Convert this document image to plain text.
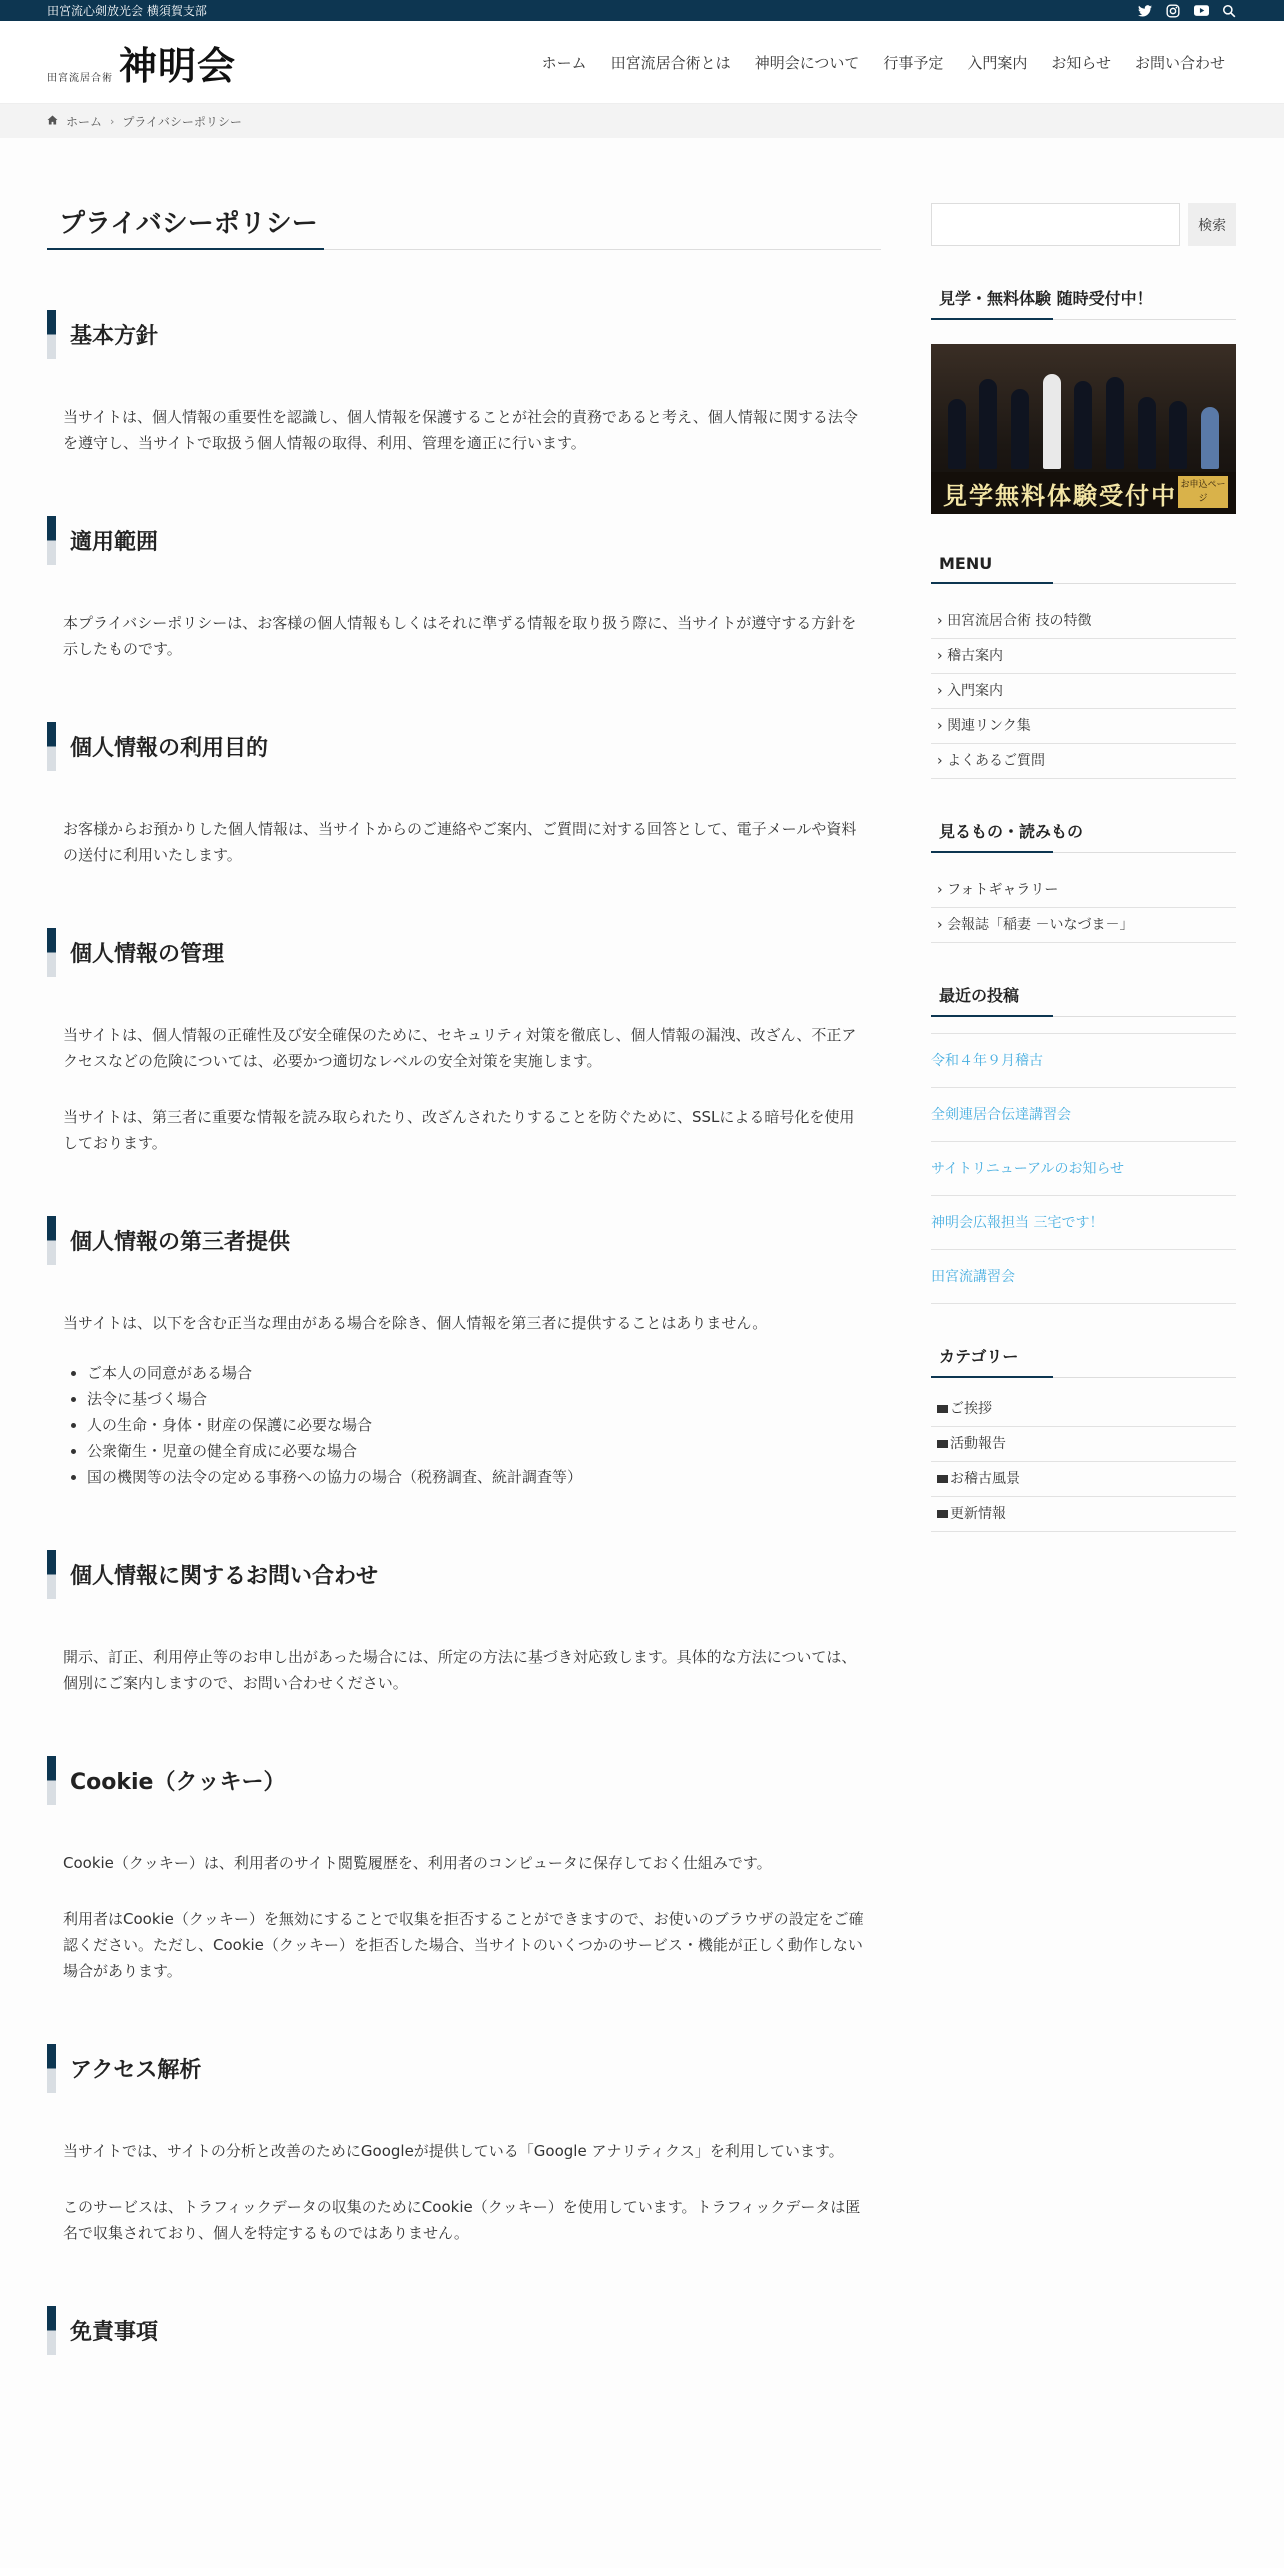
田宮流心剣放光会 横須賀支部
田宮流居合術 神明会	ホーム	田宮流居合術とは	神明会について	行事予定	入門案内	お知らせ	お問い合わせ
ホーム › プライバシーポリシー
プライバシーポリシー
基本方針

当サイトは、個人情報の重要性を認識し、個人情報を保護することが社会的責務であると考え、個人情報に関する法令を遵守し、当サイトで取扱う個人情報の取得、利用、管理を適正に行います。

適用範囲

本プライバシーポリシーは、お客様の個人情報もしくはそれに準ずる情報を取り扱う際に、当サイトが遵守する方針を示したものです。

個人情報の利用目的

お客様からお預かりした個人情報は、当サイトからのご連絡やご案内、ご質問に対する回答として、電子メールや資料の送付に利用いたします。

個人情報の管理

当サイトは、個人情報の正確性及び安全確保のために、セキュリティ対策を徹底し、個人情報の漏洩、改ざん、不正アクセスなどの危険については、必要かつ適切なレベルの安全対策を実施します。

当サイトは、第三者に重要な情報を読み取られたり、改ざんされたりすることを防ぐために、SSLによる暗号化を使用しております。

個人情報の第三者提供

当サイトは、以下を含む正当な理由がある場合を除き、個人情報を第三者に提供することはありません。

• ご本人の同意がある場合
• 法令に基づく場合
• 人の生命・身体・財産の保護に必要な場合
• 公衆衛生・児童の健全育成に必要な場合
• 国の機関等の法令の定める事務への協力の場合（税務調査、統計調査等）
個人情報に関するお問い合わせ

開示、訂正、利用停止等のお申し出があった場合には、所定の方法に基づき対応致します。具体的な方法については、個別にご案内しますので、お問い合わせください。

Cookie（クッキー）

Cookie（クッキー）は、利用者のサイト閲覧履歴を、利用者のコンピュータに保存しておく仕組みです。

利用者はCookie（クッキー）を無効にすることで収集を拒否することができますので、お使いのブラウザの設定をご確認ください。ただし、Cookie（クッキー）を拒否した場合、当サイトのいくつかのサービス・機能が正しく動作しない場合があります。

アクセス解析

当サイトでは、サイトの分析と改善のためにGoogleが提供している「Google アナリティクス」を利用しています。

このサービスは、トラフィックデータの収集のためにCookie（クッキー）を使用しています。トラフィックデータは匿名で収集されており、個人を特定するものではありません。

免責事項
検索
見学・無料体験 随時受付中！
見学無料体験受付中 お申込ページ
MENU
› 田宮流居合術 技の特徴
› 稽古案内
› 入門案内
› 関連リンク集
› よくあるご質問
見るもの・読みもの
› フォトギャラリー
› 会報誌「稲妻 －いなづま－」
最近の投稿
令和４年９月稽古
全剣連居合伝達講習会
サイトリニューアルのお知らせ
神明会広報担当 三宅です！
田宮流講習会
カテゴリー
ご挨拶
活動報告
お稽古風景
更新情報
